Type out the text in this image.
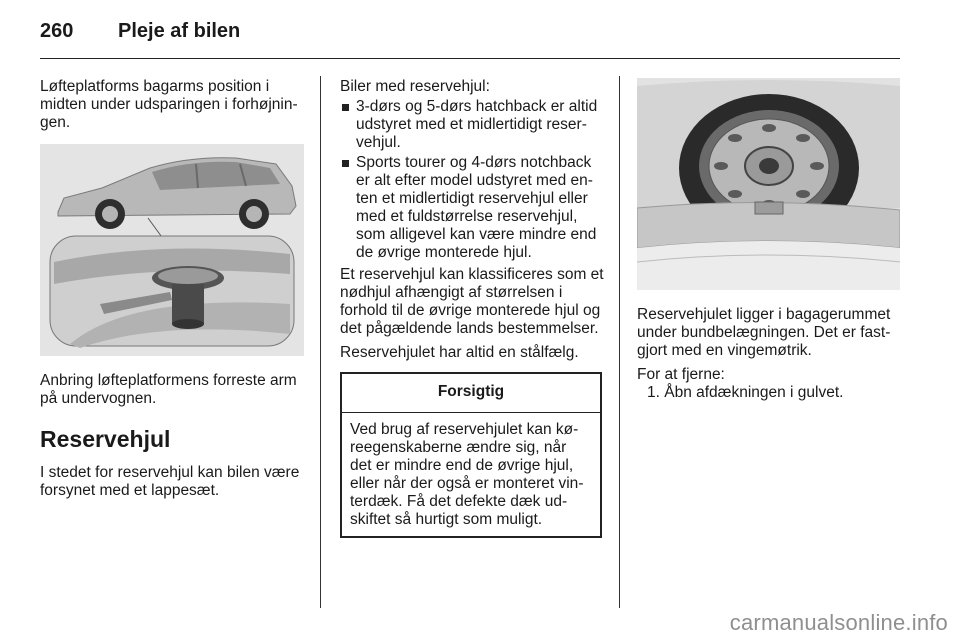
260 Pleje af bilen

Løfteplatforms bagarms position i midten under udsparingen i forhøjningen.

Anbring løfteplatformens forreste arm på undervognen.

Reservehjul

I stedet for reservehjul kan bilen være forsynet med et lappesæt.

Biler med reservehjul:

3-dørs og 5-dørs hatchback er altid udstyret med et midlertidigt reservehjul.
Sports tourer og 4-dørs notchback er alt efter model udstyret med enten et midlertidigt reservehjul eller med et fuldstørrelse reservehjul, som alligevel kan være mindre end de øvrige monterede hjul.

Et reservehjul kan klassificeres som et nødhjul afhængigt af størrelsen i forhold til de øvrige monterede hjul og det pågældende lands bestemmelser.

Reservehjulet har altid en stålfælg.

Forsigtig
Ved brug af reservehjulet kan køreegenskaberne ændre sig, når det er mindre end de øvrige hjul, eller når der også er monteret vinterdæk. Få det defekte dæk udskiftet så hurtigt som muligt.

Reservehjulet ligger i bagagerummet under bundbelægningen. Det er fastgjort med en vingemøtrik.

For at fjerne:

1. Åbn afdækningen i gulvet.

carmanualsonline.info
